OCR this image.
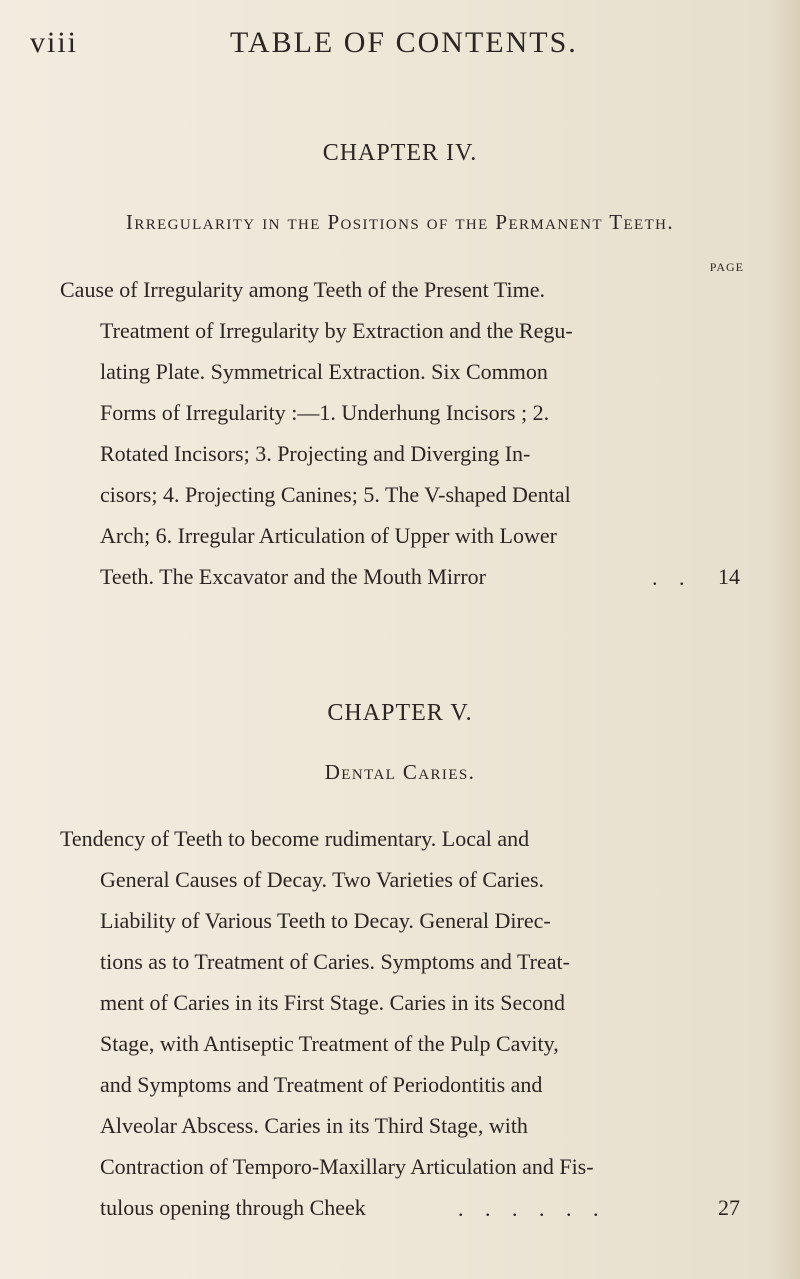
viii	TABLE OF CONTENTS.
CHAPTER IV.
Irregularity in the Positions of the Permanent Teeth.
PAGE
Cause of Irregularity among Teeth of the Present Time.
Treatment of Irregularity by Extraction and the Regu-
lating Plate. Symmetrical Extraction. Six Common
Forms of Irregularity :—1. Underhung Incisors ; 2.
Rotated Incisors; 3. Projecting and Diverging In-
cisors; 4. Projecting Canines; 5. The V-shaped Dental
Arch; 6. Irregular Articulation of Upper with Lower
Teeth. The Excavator and the Mouth Mirror	. . 14
CHAPTER V.
Dental Caries.
Tendency of Teeth to become rudimentary. Local and
General Causes of Decay. Two Varieties of Caries.
Liability of Various Teeth to Decay. General Direc-
tions as to Treatment of Caries. Symptoms and Treat-
ment of Caries in its First Stage. Caries in its Second
Stage, with Antiseptic Treatment of the Pulp Cavity,
and Symptoms and Treatment of Periodontitis and
Alveolar Abscess. Caries in its Third Stage, with
Contraction of Temporo-Maxillary Articulation and Fis-
tulous opening through Cheek	. . . . . .	27
